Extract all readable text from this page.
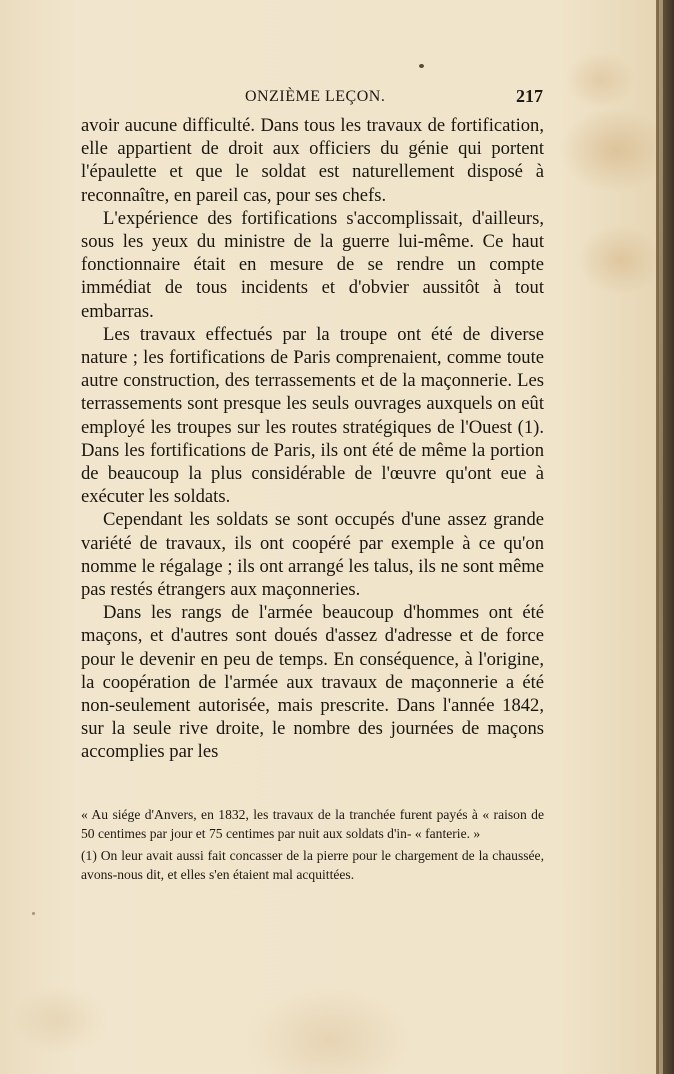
ONZIÈME LEÇON.	217

avoir aucune difficulté. Dans tous les travaux de fortification, elle appartient de droit aux officiers du génie qui portent l'épaulette et que le soldat est naturellement disposé à reconnaître, en pareil cas, pour ses chefs.

L'expérience des fortifications s'accomplissait, d'ailleurs, sous les yeux du ministre de la guerre lui-même. Ce haut fonctionnaire était en mesure de se rendre un compte immédiat de tous incidents et d'obvier aussitôt à tout embarras.

Les travaux effectués par la troupe ont été de diverse nature ; les fortifications de Paris comprenaient, comme toute autre construction, des terrassements et de la maçonnerie. Les terrassements sont presque les seuls ouvrages auxquels on eût employé les troupes sur les routes stratégiques de l'Ouest (1). Dans les fortifications de Paris, ils ont été de même la portion de beaucoup la plus considérable de l'œuvre qu'ont eue à exécuter les soldats.

Cependant les soldats se sont occupés d'une assez grande variété de travaux, ils ont coopéré par exemple à ce qu'on nomme le régalage ; ils ont arrangé les talus, ils ne sont même pas restés étrangers aux maçonneries.

Dans les rangs de l'armée beaucoup d'hommes ont été maçons, et d'autres sont doués d'assez d'adresse et de force pour le devenir en peu de temps. En conséquence, à l'origine, la coopération de l'armée aux travaux de maçonnerie a été non-seulement autorisée, mais prescrite. Dans l'année 1842, sur la seule rive droite, le nombre des journées de maçons accomplies par les

« Au siége d'Anvers, en 1832, les travaux de la tranchée furent payés à « raison de 50 centimes par jour et 75 centimes par nuit aux soldats d'in- « fanterie. »

(1) On leur avait aussi fait concasser de la pierre pour le chargement de la chaussée, avons-nous dit, et elles s'en étaient mal acquittées.
